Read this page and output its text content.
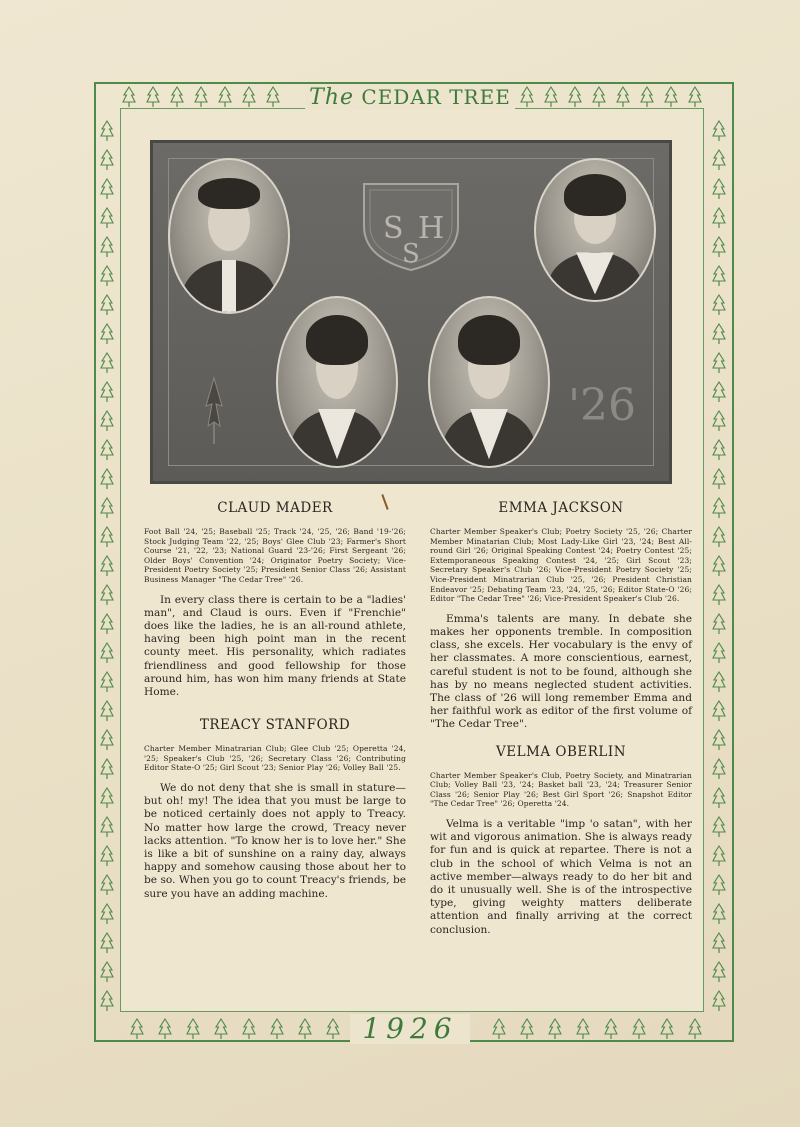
The CEDAR TREE
S H
S
'26
CLAUD MADER
Foot Ball '24, '25; Baseball '25; Track '24, '25, '26; Band '19-'26; Stock Judging Team '22, '25; Boys' Glee Club '23; Farmer's Short Course '21, '22, '23; National Guard '23-'26; First Sergeant '26; Older Boys' Convention '24; Originator Poetry Society; Vice-President Poetry Society '25; President Senior Class '26; Assistant Business Manager "The Cedar Tree" '26.
In every class there is certain to be a "ladies' man", and Claud is ours. Even if "Frenchie" does like the ladies, he is an all-round athlete, having been high point man in the recent county meet. His personality, which radiates friendliness and good fellowship for those around him, has won him many friends at State Home.
TREACY STANFORD
Charter Member Minatrarian Club; Glee Club '25; Operetta '24, '25; Speaker's Club '25, '26; Secretary Class '26; Contributing Editor State-O '25; Girl Scout '23; Senior Play '26; Volley Ball '25.
We do not deny that she is small in stature—but oh! my! The idea that you must be large to be noticed certainly does not apply to Treacy. No matter how large the crowd, Treacy never lacks attention. "To know her is to love her." She is like a bit of sunshine on a rainy day, always happy and somehow causing those about her to be so. When you go to count Treacy's friends, be sure you have an adding machine.
EMMA JACKSON
Charter Member Speaker's Club; Poetry Society '25, '26; Charter Member Minatarian Club; Most Lady-Like Girl '23, '24; Best All-round Girl '26; Original Speaking Contest '24; Poetry Contest '25; Extemporaneous Speaking Contest '24, '25; Girl Scout '23; Secretary Speaker's Club '26; Vice-President Poetry Society '25; Vice-President Minatrarian Club '25, '26; President Christian Endeavor '25; Debating Team '23, '24, '25, '26; Editor State-O '26; Editor "The Cedar Tree" '26; Vice-President Speaker's Club '26.
Emma's talents are many. In debate she makes her opponents tremble. In composition class, she excels. Her vocabulary is the envy of her classmates. A more conscientious, earnest, careful student is not to be found, although she has by no means neglected student activities. The class of '26 will long remember Emma and her faithful work as editor of the first volume of "The Cedar Tree".
VELMA OBERLIN
Charter Member Speaker's Club, Poetry Society, and Minatrarian Club; Volley Ball '23, '24; Basket ball '23, '24; Treasurer Senior Class '26; Senior Play '26; Best Girl Sport '26; Snapshot Editor "The Cedar Tree" '26; Operetta '24.
Velma is a veritable "imp 'o satan", with her wit and vigorous animation. She is always ready for fun and is quick at repartee. There is not a club in the school of which Velma is not an active member—always ready to do her bit and do it unusually well. She is of the introspective type, giving weighty matters deliberate attention and finally arriving at the correct conclusion.
1926
